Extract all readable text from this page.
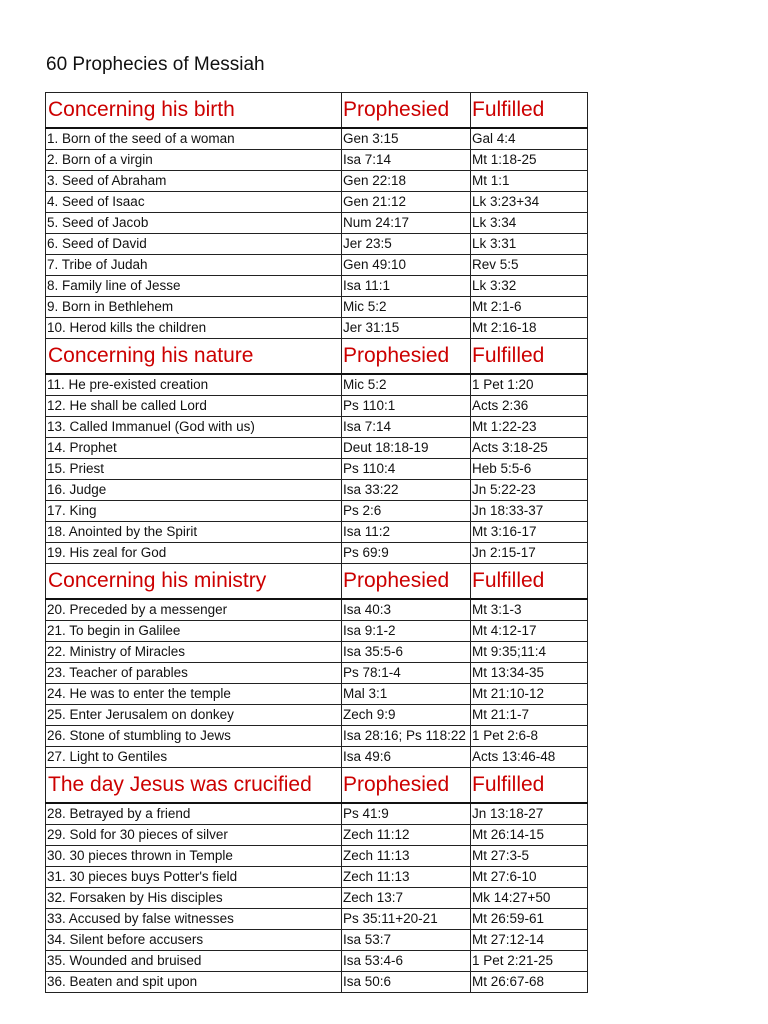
60 Prophecies of Messiah
Concerning his birth	Prophesied	Fulfilled
1. Born of the seed of a woman	Gen 3:15	Gal 4:4
2. Born of a virgin	Isa 7:14	Mt 1:18-25
3. Seed of Abraham	Gen 22:18	Mt 1:1
4. Seed of Isaac	Gen 21:12	Lk 3:23+34
5. Seed of Jacob	Num 24:17	Lk 3:34
6. Seed of David	Jer 23:5	Lk 3:31
7. Tribe of Judah	Gen 49:10	Rev 5:5
8. Family line of Jesse	Isa 11:1	Lk 3:32
9. Born in Bethlehem	Mic 5:2	Mt 2:1-6
10. Herod kills the children	Jer 31:15	Mt 2:16-18
Concerning his nature	Prophesied	Fulfilled
11. He pre-existed creation	Mic 5:2	1 Pet 1:20
12. He shall be called Lord	Ps 110:1	Acts 2:36
13. Called Immanuel (God with us)	Isa 7:14	Mt 1:22-23
14. Prophet	Deut 18:18-19	Acts 3:18-25
15. Priest	Ps 110:4	Heb 5:5-6
16. Judge	Isa 33:22	Jn 5:22-23
17. King	Ps 2:6	Jn 18:33-37
18. Anointed by the Spirit	Isa 11:2	Mt 3:16-17
19. His zeal for God	Ps 69:9	Jn 2:15-17
Concerning his ministry	Prophesied	Fulfilled
20. Preceded by a messenger	Isa 40:3	Mt 3:1-3
21. To begin in Galilee	Isa 9:1-2	Mt 4:12-17
22. Ministry of Miracles	Isa 35:5-6	Mt 9:35;11:4
23. Teacher of parables	Ps 78:1-4	Mt 13:34-35
24. He was to enter the temple	Mal 3:1	Mt 21:10-12
25. Enter Jerusalem on donkey	Zech 9:9	Mt 21:1-7
26. Stone of stumbling to Jews	Isa 28:16; Ps 118:22	1 Pet 2:6-8
27. Light to Gentiles	Isa 49:6	Acts 13:46-48
The day Jesus was crucified	Prophesied	Fulfilled
28. Betrayed by a friend	Ps 41:9	Jn 13:18-27
29. Sold for 30 pieces of silver	Zech 11:12	Mt 26:14-15
30. 30 pieces thrown in Temple	Zech 11:13	Mt 27:3-5
31. 30 pieces buys Potter's field	Zech 11:13	Mt 27:6-10
32. Forsaken by His disciples	Zech 13:7	Mk 14:27+50
33. Accused by false witnesses	Ps 35:11+20-21	Mt 26:59-61
34. Silent before accusers	Isa 53:7	Mt 27:12-14
35. Wounded and bruised	Isa 53:4-6	1 Pet 2:21-25
36. Beaten and spit upon	Isa 50:6	Mt 26:67-68
